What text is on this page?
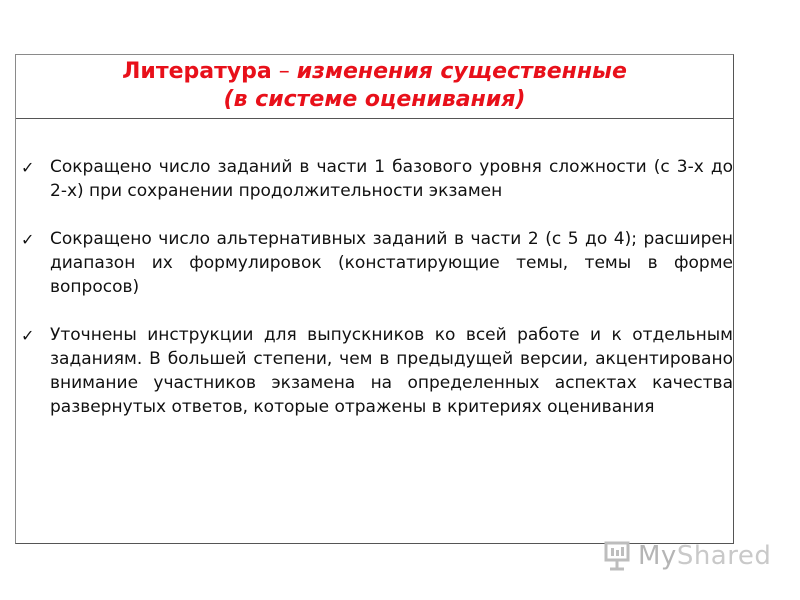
Литература – изменения существенные
(в системе оценивания)
✓ Сокращено число заданий в части 1 базового уровня сложности (с 3-х до 2-х) при сохранении продолжительности экзамен
✓ Сокращено число альтернативных заданий в части 2 (с 5 до 4); расширен диапазон их формулировок (констатирующие темы, темы в форме вопросов)
✓ Уточнены инструкции для выпускников ко всей работе и к отдельным заданиям. В большей степени, чем в предыдущей версии, акцентировано внимание участников экзамена на определенных аспектах качества развернутых ответов, которые отражены в критериях оценивания
MyShared
